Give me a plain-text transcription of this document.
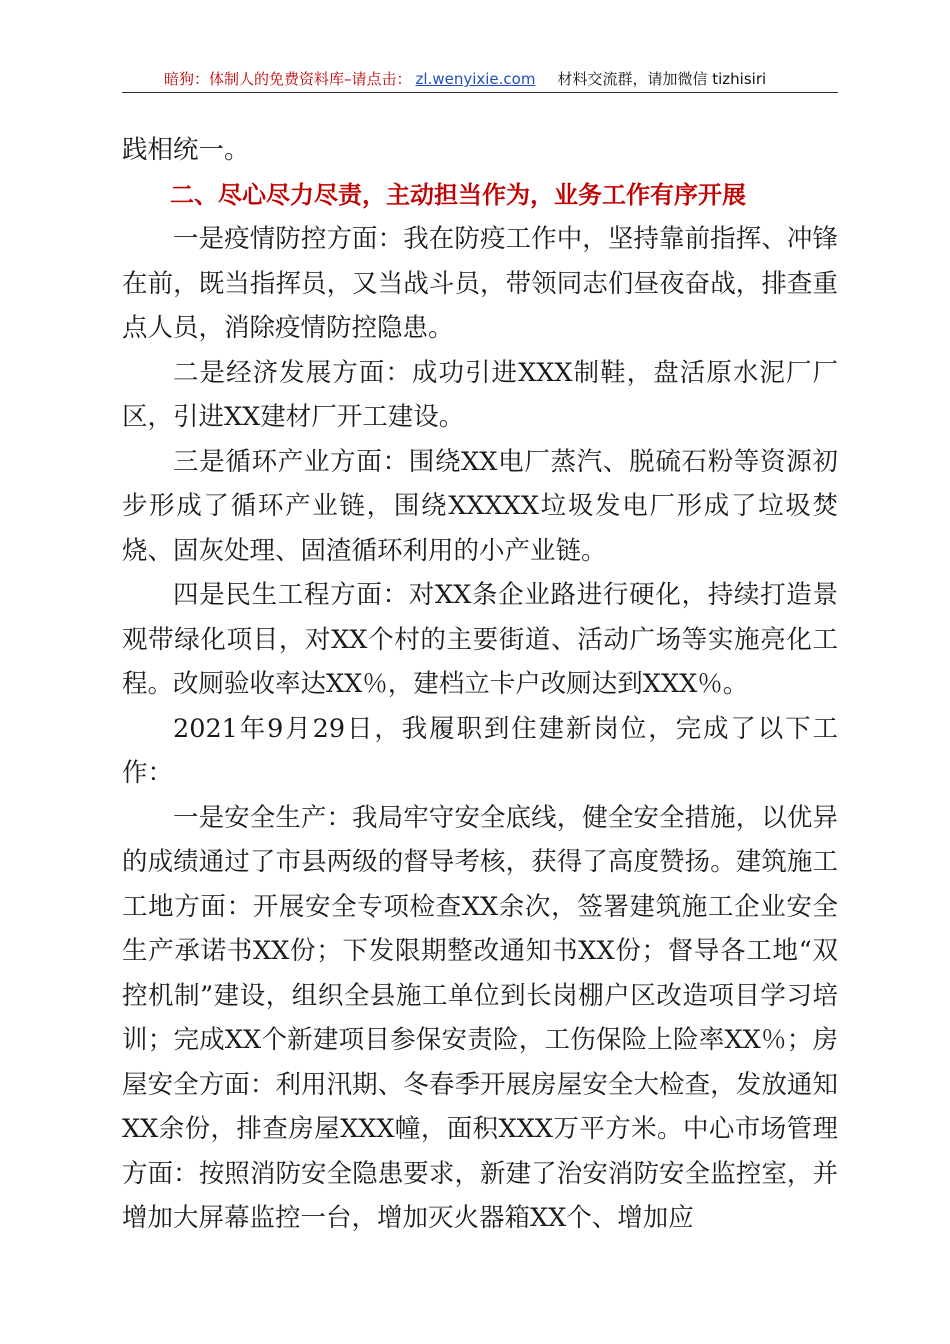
暗狗：体制人的免费资料库–请点击： zl.wenyixie.com 材料交流群，请加微信 tizhisiri

践相统一。

二、尽心尽力尽责，主动担当作为，业务工作有序开展

一是疫情防控方面：我在防疫工作中，坚持靠前指挥、冲锋在前，既当指挥员，又当战斗员，带领同志们昼夜奋战，排查重点人员，消除疫情防控隐患。

二是经济发展方面：成功引进XXX制鞋，盘活原水泥厂厂区，引进XX建材厂开工建设。

三是循环产业方面：围绕XX电厂蒸汽、脱硫石粉等资源初步形成了循环产业链，围绕XXXXX垃圾发电厂形成了垃圾焚烧、固灰处理、固渣循环利用的小产业链。

四是民生工程方面：对XX条企业路进行硬化，持续打造景观带绿化项目，对XX个村的主要街道、活动广场等实施亮化工程。改厕验收率达XX％，建档立卡户改厕达到XXX％。

2021年9月29日，我履职到住建新岗位，完成了以下工作：

一是安全生产：我局牢守安全底线，健全安全措施，以优异的成绩通过了市县两级的督导考核，获得了高度赞扬。建筑施工工地方面：开展安全专项检查XX余次，签署建筑施工企业安全生产承诺书XX份；下发限期整改通知书XX份；督导各工地“双控机制”建设，组织全县施工单位到长岗棚户区改造项目学习培训；完成XX个新建项目参保安责险，工伤保险上险率XX％；房屋安全方面：利用汛期、冬春季开展房屋安全大检查，发放通知XX余份，排查房屋XXX幢，面积XXX万平方米。中心市场管理方面：按照消防安全隐患要求，新建了治安消防安全监控室，并增加大屏幕监控一台，增加灭火器箱XX个、增加应
